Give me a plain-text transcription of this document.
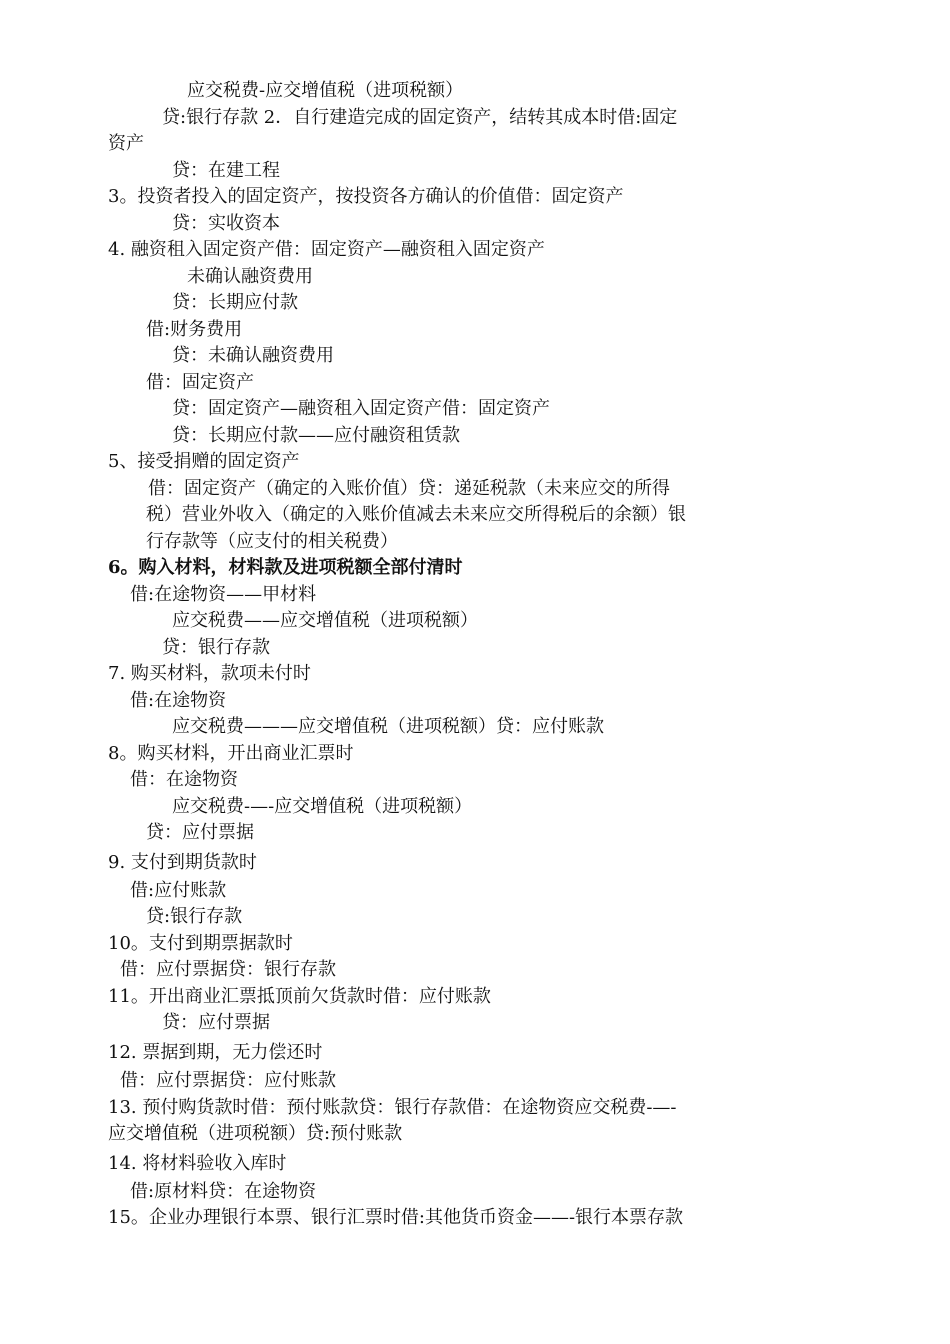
应交税费-应交增值税（进项税额）
贷:银行存款 2．自行建造完成的固定资产，结转其成本时借:固定
资产
贷：在建工程
3。投资者投入的固定资产，按投资各方确认的价值借：固定资产
贷：实收资本
4. 融资租入固定资产借：固定资产—融资租入固定资产
未确认融资费用
贷：长期应付款
借:财务费用
贷：未确认融资费用
借：固定资产
贷：固定资产—融资租入固定资产借：固定资产
贷：长期应付款——应付融资租赁款
5、接受捐赠的固定资产
借：固定资产（确定的入账价值）贷：递延税款（未来应交的所得
税）营业外收入（确定的入账价值减去未来应交所得税后的余额）银
行存款等（应支付的相关税费）
6。购入材料，材料款及进项税额全部付清时
借:在途物资——甲材料
应交税费——应交增值税（进项税额）
贷：银行存款
7. 购买材料，款项未付时
借:在途物资
应交税费———应交增值税（进项税额）贷：应付账款
8。购买材料，开出商业汇票时
借：在途物资
应交税费-—-应交增值税（进项税额）
贷：应付票据
9. 支付到期货款时
借:应付账款
贷:银行存款
10。支付到期票据款时
借：应付票据贷：银行存款
11。开出商业汇票抵顶前欠货款时借：应付账款
贷：应付票据
12. 票据到期，无力偿还时
借：应付票据贷：应付账款
13. 预付购货款时借：预付账款贷：银行存款借：在途物资应交税费-—-
应交增值税（进项税额）贷:预付账款
14. 将材料验收入库时
借:原材料贷：在途物资
15。企业办理银行本票、银行汇票时借:其他货币资金——-银行本票存款
